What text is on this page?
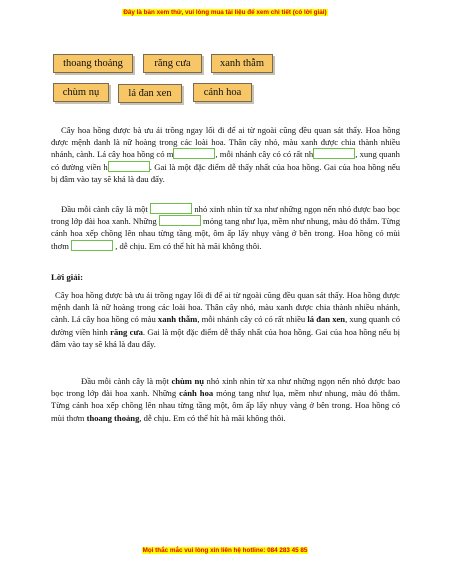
Đây là bản xem thử, vui lòng mua tài liệu để xem chi tiết (có lời giải)
thoang thoảng	răng cưa	xanh thẫm
chùm nụ	lá đan xen	cánh hoa
Cây hoa hồng được bà ưu ái trồng ngay lối đi để ai từ ngoài cũng đều quan sát thấy. Hoa hồng được mệnh danh là nữ hoàng trong các loài hoa. Thân cây nhỏ, màu xanh được chia thành nhiều nhánh, cành. Lá cây hoa hồng có m	, mỗi nhánh cây có có rất nh	, xung quanh có đường viền h	. Gai là một đặc điểm dễ thấy nhất của hoa hồng. Gai của hoa hồng nếu bị đâm vào tay sẽ khá là đau đấy.
Đầu mỗi cành cây là một	nhỏ xinh nhìn từ xa như những ngọn nến nhỏ được bao bọc trong lớp đài hoa xanh. Những	mỏng tang như lụa, mềm như nhung, màu đỏ thắm. Từng cánh hoa xếp chồng lên nhau từng tầng một, ôm ấp lấy nhụy vàng ở bên trong. Hoa hồng có mùi thơm	, dễ chịu. Em có thể hít hà mãi không thôi.
Lời giải:
Cây hoa hồng được bà ưu ái trồng ngay lối đi để ai từ ngoài cũng đều quan sát thấy. Hoa hồng được mệnh danh là nữ hoàng trong các loài hoa. Thân cây nhỏ, màu xanh được chia thành nhiều nhánh, cành. Lá cây hoa hồng có màu xanh thẫm, mỗi nhánh cây có có rất nhiều lá đan xen, xung quanh có đường viền hình răng cưa. Gai là một đặc điểm dễ thấy nhất của hoa hồng. Gai của hoa hồng nếu bị đâm vào tay sẽ khá là đau đấy.
Đầu mỗi cành cây là một chùm nụ nhỏ xinh nhìn từ xa như những ngọn nến nhỏ được bao bọc trong lớp đài hoa xanh. Những cánh hoa mỏng tang như lụa, mềm như nhung, màu đỏ thắm. Từng cánh hoa xếp chồng lên nhau từng tầng một, ôm ấp lấy nhụy vàng ở bên trong. Hoa hồng có mùi thơm thoang thoảng, dễ chịu. Em có thể hít hà mãi không thôi.
Mọi thắc mắc vui lòng xin liên hệ hotline: 084 283 45 85
